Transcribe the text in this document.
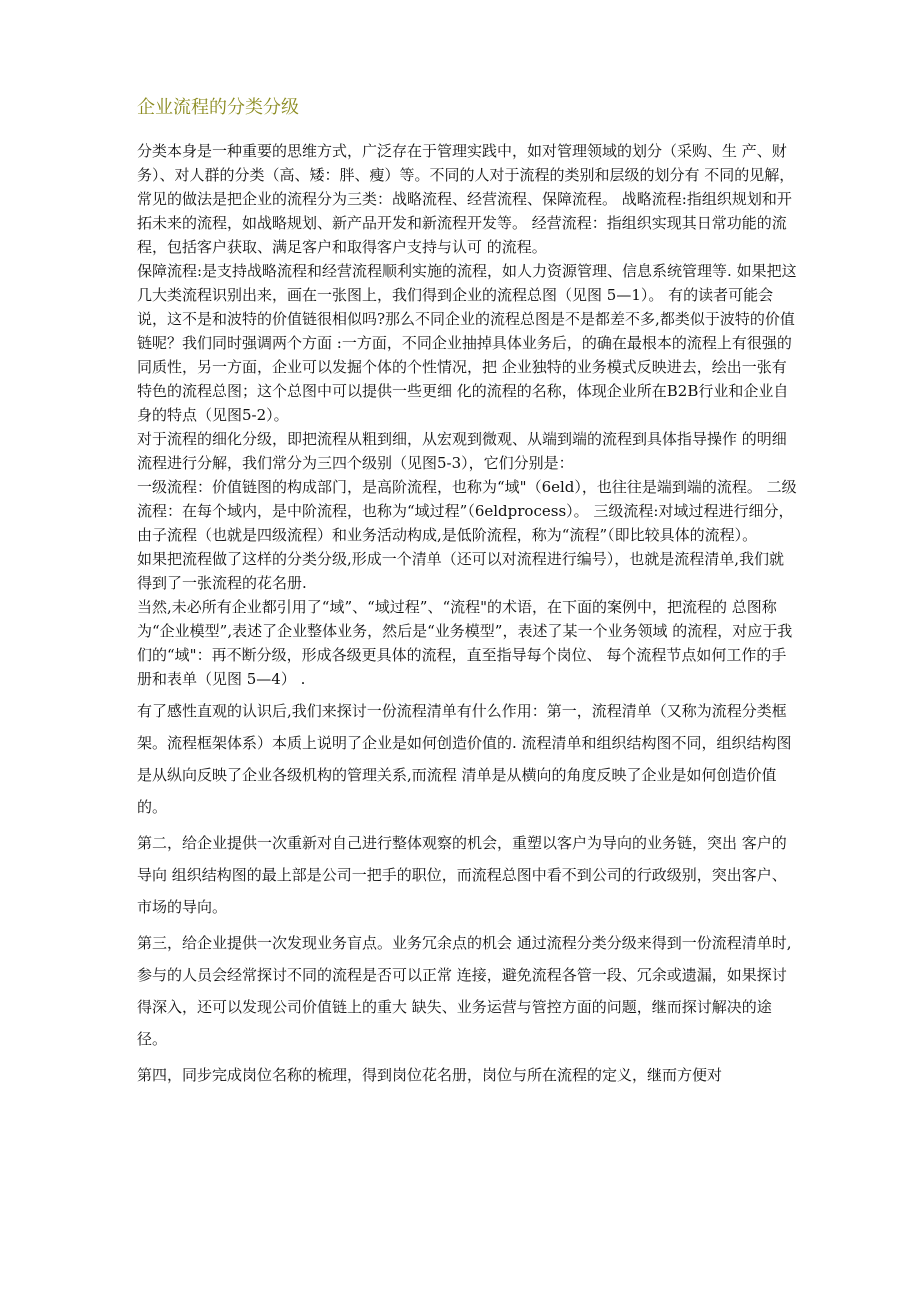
企业流程的分类分级

分类本身是一种重要的思维方式，广泛存在于管理实践中，如对管理领域的划分（采购、生 产、财务）、对人群的分类（高、矮：胖、瘦）等。不同的人对于流程的类别和层级的划分有 不同的见解，常见的做法是把企业的流程分为三类：战略流程、经营流程、保障流程。 战略流程:指组织规划和开拓未来的流程，如战略规划、新产品开发和新流程开发等。 经营流程：指组织实现其日常功能的流程，包括客户获取、满足客户和取得客户支持与认可 的流程。

保障流程:是支持战略流程和经营流程顺利实施的流程，如人力资源管理、信息系统管理等. 如果把这几大类流程识别出来，画在一张图上，我们得到企业的流程总图（见图 5—1）。 有的读者可能会说，这不是和波特的价值链很相似吗?那么不同企业的流程总图是不是都差不多,都类似于波特的价值链呢？我们同时强调两个方面 :一方面，不同企业抽掉具体业务后，的确在最根本的流程上有很强的同质性，另一方面，企业可以发掘个体的个性情况，把 企业独特的业务模式反映进去，绘出一张有特色的流程总图；这个总图中可以提供一些更细 化的流程的名称，体现企业所在B2B行业和企业自身的特点（见图5-2）。

对于流程的细化分级，即把流程从粗到细，从宏观到微观、从端到端的流程到具体指导操作 的明细流程进行分解，我们常分为三四个级别（见图5-3），它们分别是：

一级流程：价值链图的构成部门，是高阶流程，也称为“域"（6eld），也往往是端到端的流程。 二级流程：在每个域内，是中阶流程，也称为“域过程”（6eldprocess）。 三级流程:对域过程进行细分，由子流程（也就是四级流程）和业务活动构成,是低阶流程，称为“流程”（即比较具体的流程）。

如果把流程做了这样的分类分级,形成一个清单（还可以对流程进行编号），也就是流程清单,我们就得到了一张流程的花名册.

当然,未必所有企业都引用了“域”、“域过程”、“流程"的术语，在下面的案例中，把流程的 总图称为“企业模型”,表述了企业整体业务，然后是“业务模型”，表述了某一个业务领域 的流程，对应于我们的“域"：再不断分级，形成各级更具体的流程，直至指导每个岗位、 每个流程节点如何工作的手册和表单（见图 5—4） .

有了感性直观的认识后,我们来探讨一份流程清单有什么作用：第一，流程清单（又称为流程分类框架。流程框架体系）本质上说明了企业是如何创造价值的. 流程清单和组织结构图不同，组织结构图是从纵向反映了企业各级机构的管理关系,而流程 清单是从横向的角度反映了企业是如何创造价值的。

第二，给企业提供一次重新对自己进行整体观察的机会，重塑以客户为导向的业务链，突出 客户的导向 组织结构图的最上部是公司一把手的职位，而流程总图中看不到公司的行政级别，突出客户、 市场的导向。

第三，给企业提供一次发现业务盲点。业务冗余点的机会 通过流程分类分级来得到一份流程清单时,参与的人员会经常探讨不同的流程是否可以正常 连接，避免流程各管一段、冗余或遗漏，如果探讨得深入，还可以发现公司价值链上的重大 缺失、业务运营与管控方面的问题，继而探讨解决的途径。

第四，同步完成岗位名称的梳理，得到岗位花名册，岗位与所在流程的定义，继而方便对
